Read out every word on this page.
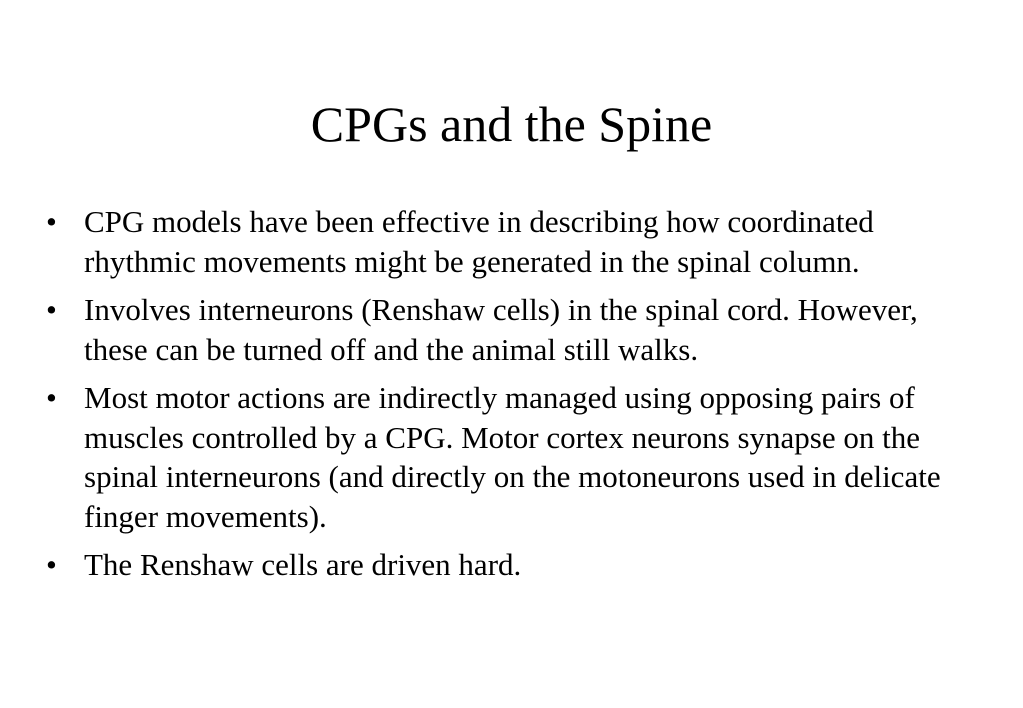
CPGs and the Spine
• CPG models have been effective in describing how coordinated rhythmic movements might be generated in the spinal column.
• Involves interneurons (Renshaw cells) in the spinal cord. However, these can be turned off and the animal still walks.
• Most motor actions are indirectly managed using opposing pairs of muscles controlled by a CPG. Motor cortex neurons synapse on the spinal interneurons (and directly on the motoneurons used in delicate finger movements).
• The Renshaw cells are driven hard.
